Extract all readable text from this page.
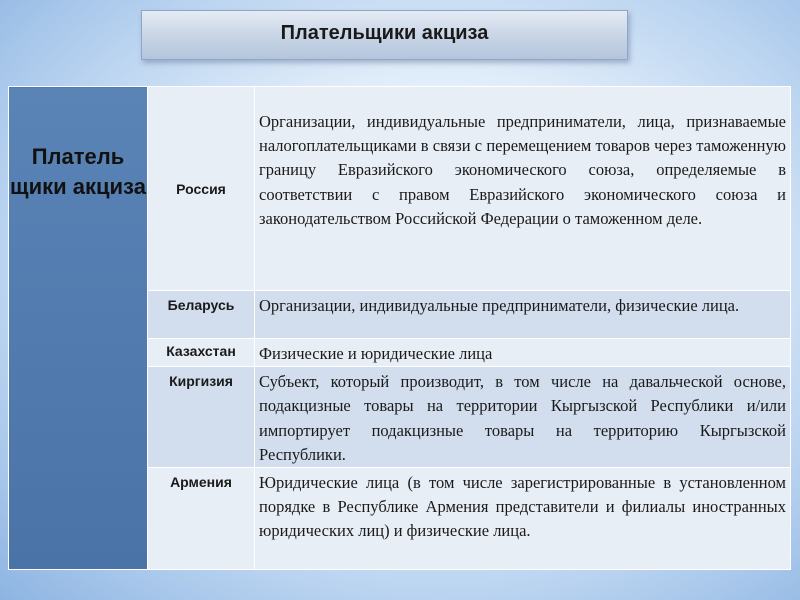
Плательщики акциза
Платель щики акциза	Россия	Организации, индивидуальные предприниматели, лица, признаваемые налогоплательщиками в связи с перемещением товаров через таможенную границу Евразийского экономического союза, определяемые в соответствии с правом Евразийского экономического союза и законодательством Российской Федерации о таможенном деле.

	Беларусь	Организации, индивидуальные предприниматели, физические лица.

	Казахстан	Физические и юридические лица

	Киргизия	Субъект, который производит, в том числе на давальческой основе, подакцизные товары на территории Кыргызской Республики и/или импортирует подакцизные товары на территорию Кыргызской Республики.

	Армения	Юридические лица (в том числе зарегистрированные в установленном порядке в Республике Армения представители и филиалы иностранных юридических лиц) и физические лица.
